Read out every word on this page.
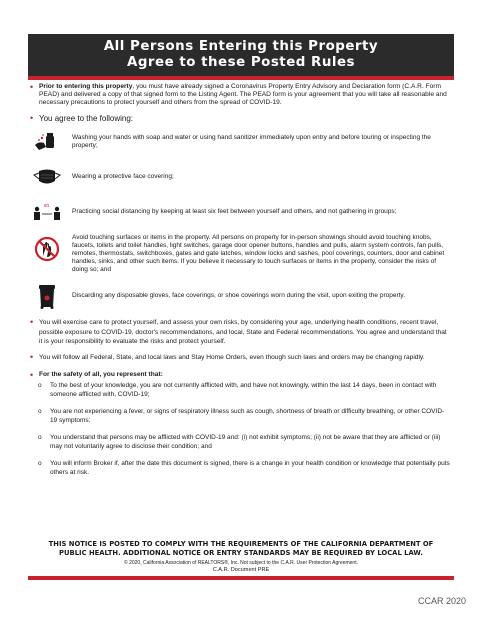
All Persons Entering this Property
Agree to these Posted Rules
• Prior to entering this property, you must have already signed a Coronavirus Property Entry Advisory and Declaration form (C.A.R. Form PEAD) and delivered a copy of that signed form to the Listing Agent. The PEAD form is your agreement that you will take all reasonable and necessary precautions to protect yourself and others from the spread of COVID-19.
• You agree to the following:
Washing your hands with soap and water or using hand sanitizer immediately upon entry and before touring or inspecting the property;
Wearing a protective face covering;
6ft.
Practicing social distancing by keeping at least six feet between yourself and others, and not gathering in groups;
Avoid touching surfaces or items in the property. All persons on property for in-person showings should avoid touching knobs, faucets, toilets and toilet handles, light switches, garage door opener buttons, handles and pulls, alarm system controls, fan pulls, remotes, thermostats, switchboxes, gates and gate latches, window locks and sashes, pool coverings, counters, door and cabinet handles, sinks, and other such items. If you believe it necessary to touch surfaces or items in the property, consider the risks of doing so; and
Discarding any disposable gloves, face coverings, or shoe coverings worn during the visit, upon exiting the property.
• You will exercise care to protect yourself, and assess your own risks, by considering your age, underlying health conditions, recent travel, possible exposure to COVID-19, doctor's recommendations, and local, State and Federal recommendations. You agree and understand that it is your responsibility to evaluate the risks and protect yourself.
• You will follow all Federal, State, and local laws and Stay Home Orders, even though such laws and orders may be changing rapidly.
• For the safety of all, you represent that:
o To the best of your knowledge, you are not currently afflicted with, and have not knowingly, within the last 14 days, been in contact with someone afflicted with, COVID-19;
o You are not experiencing a fever, or signs of respiratory illness such as cough, shortness of breath or difficulty breathing, or other COVID-19 symptoms;
o You understand that persons may be afflicted with COVID-19 and: (i) not exhibit symptoms; (ii) not be aware that they are afflicted or (iii) may not voluntarily agree to disclose their condition; and
o You will inform Broker if, after the date this document is signed, there is a change in your health condition or knowledge that potentially puts others at risk.
THIS NOTICE IS POSTED TO COMPLY WITH THE REQUIREMENTS OF THE CALIFORNIA DEPARTMENT OF
PUBLIC HEALTH. ADDITIONAL NOTICE OR ENTRY STANDARDS MAY BE REQUIRED BY LOCAL LAW.
© 2020, California Association of REALTORS®, Inc. Not subject to the C.A.R. User Protection Agreement.
C.A.R. Document PRE
CCAR 2020
